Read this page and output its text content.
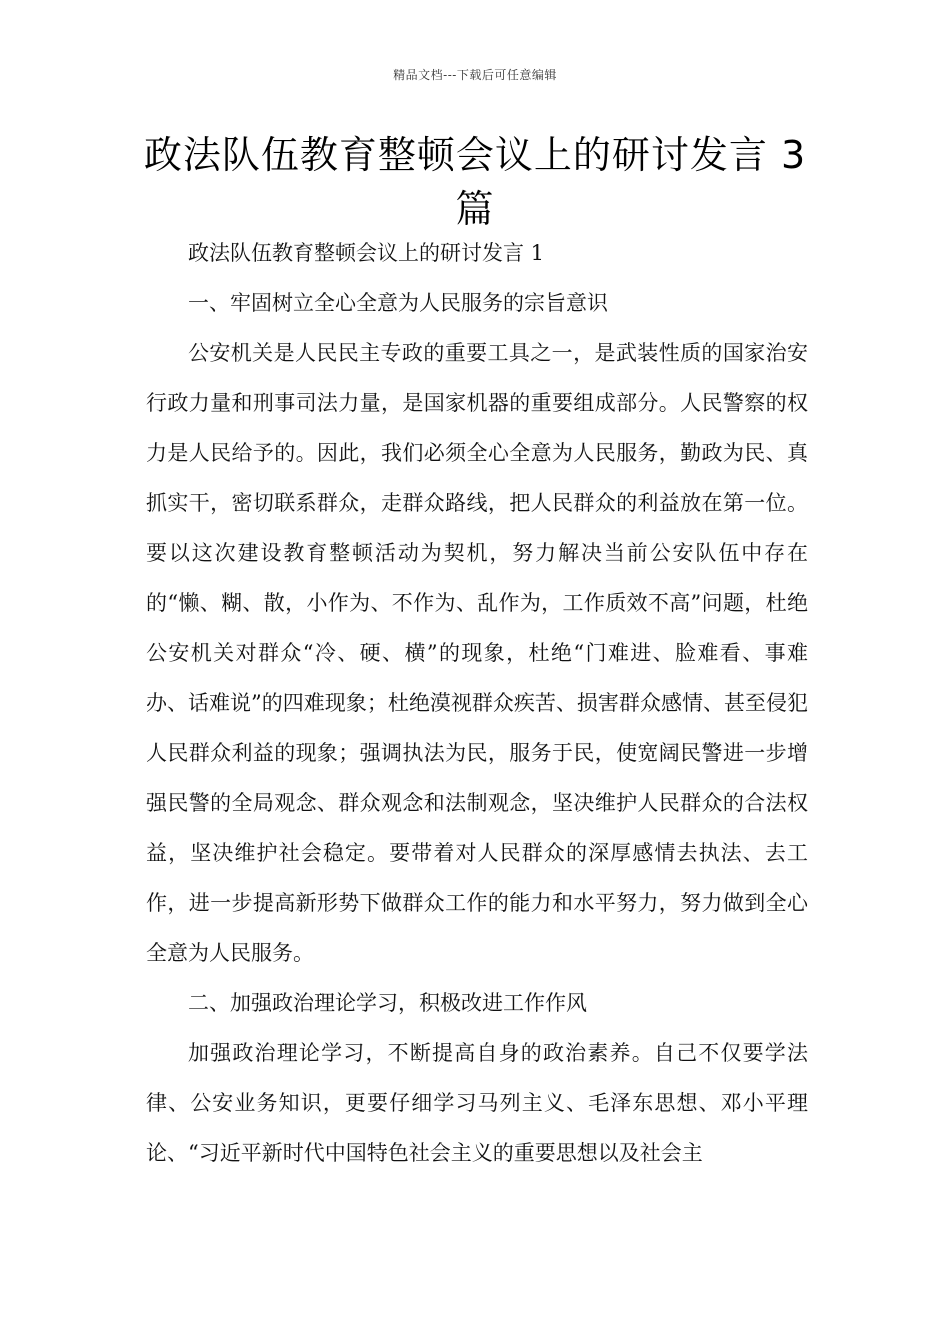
精品文档---下载后可任意编辑
政法队伍教育整顿会议上的研讨发言 3 篇

政法队伍教育整顿会议上的研讨发言 1

一、牢固树立全心全意为人民服务的宗旨意识

公安机关是人民民主专政的重要工具之一，是武装性质的国家治安行政力量和刑事司法力量，是国家机器的重要组成部分。人民警察的权力是人民给予的。因此，我们必须全心全意为人民服务，勤政为民、真抓实干，密切联系群众，走群众路线，把人民群众的利益放在第一位。要以这次建设教育整顿活动为契机，努力解决当前公安队伍中存在的“懒、糊、散，小作为、不作为、乱作为，工作质效不高”问题，杜绝公安机关对群众“冷、硬、横”的现象，杜绝“门难进、脸难看、事难办、话难说”的四难现象；杜绝漠视群众疾苦、损害群众感情、甚至侵犯人民群众利益的现象；强调执法为民，服务于民，使宽阔民警进一步增强民警的全局观念、群众观念和法制观念，坚决维护人民群众的合法权益，坚决维护社会稳定。要带着对人民群众的深厚感情去执法、去工作，进一步提高新形势下做群众工作的能力和水平努力，努力做到全心全意为人民服务。

二、加强政治理论学习，积极改进工作作风

加强政治理论学习，不断提高自身的政治素养。自己不仅要学法律、公安业务知识，更要仔细学习马列主义、毛泽东思想、邓小平理论、“习近平新时代中国特色社会主义的重要思想以及社会主
